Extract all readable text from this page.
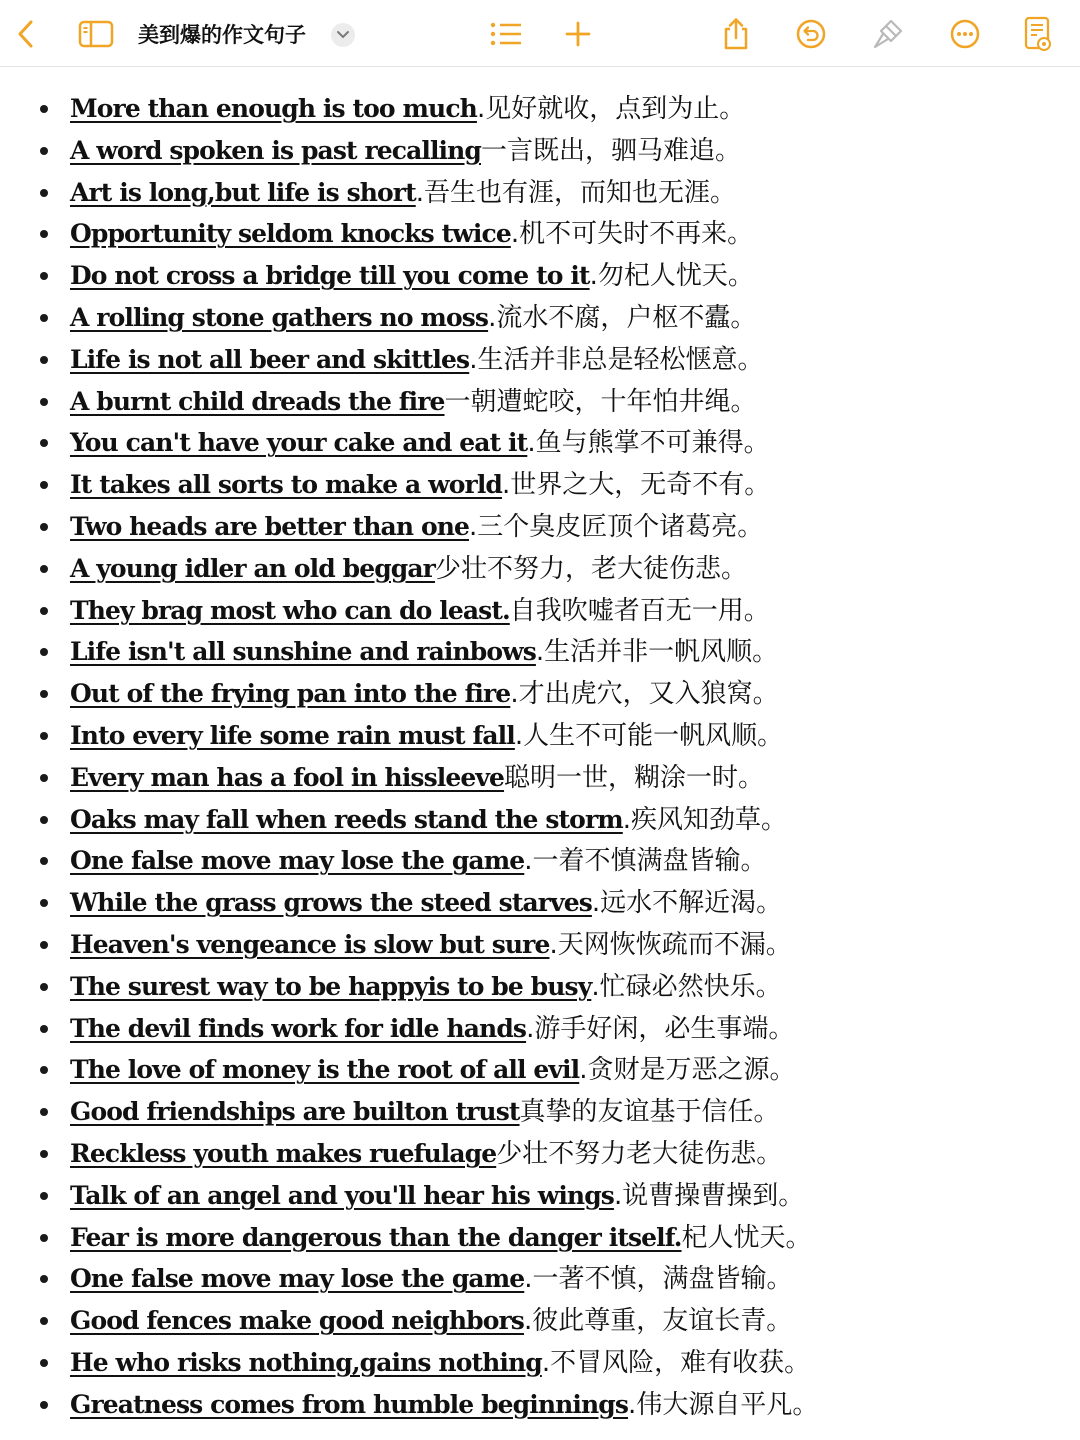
美到爆的作文句子
More than enough is too much.见好就收，点到为止。
A word spoken is past recalling一言既出，驷马难追。
Art is long,but life is short.吾生也有涯，而知也无涯。
Opportunity seldom knocks twice.机不可失时不再来。
Do not cross a bridge till you come to it.勿杞人忧天。
A rolling stone gathers no moss.流水不腐，户枢不蠹。
Life is not all beer and skittles.生活并非总是轻松惬意。
A burnt child dreads the fire一朝遭蛇咬，十年怕井绳。
You can't have your cake and eat it.鱼与熊掌不可兼得。
It takes all sorts to make a world.世界之大，无奇不有。
Two heads are better than one.三个臭皮匠顶个诸葛亮。
A young idler an old beggar少壮不努力，老大徒伤悲。
They brag most who can do least.自我吹嘘者百无一用。
Life isn't all sunshine and rainbows.生活并非一帆风顺。
Out of the frying pan into the fire.才出虎穴，又入狼窝。
Into every life some rain must fall.人生不可能一帆风顺。
Every man has a fool in hissleeve聪明一世，糊涂一时。
Oaks may fall when reeds stand the storm.疾风知劲草。
One false move may lose the game.一着不慎满盘皆输。
While the grass grows the steed starves.远水不解近渴。
Heaven's vengeance is slow but sure.天网恢恢疏而不漏。
The surest way to be happyis to be busy.忙碌必然快乐。
The devil finds work for idle hands.游手好闲，必生事端。
The love of money is the root of all evil.贪财是万恶之源。
Good friendships are builton trust真挚的友谊基于信任。
Reckless youth makes ruefulage少壮不努力老大徒伤悲。
Talk of an angel and you'll hear his wings.说曹操曹操到。
Fear is more dangerous than the danger itself.杞人忧天。
One false move may lose the game.一著不慎，满盘皆输。
Good fences make good neighbors.彼此尊重，友谊长青。
He who risks nothing,gains nothing.不冒风险，难有收获。
Greatness comes from humble beginnings.伟大源自平凡。
